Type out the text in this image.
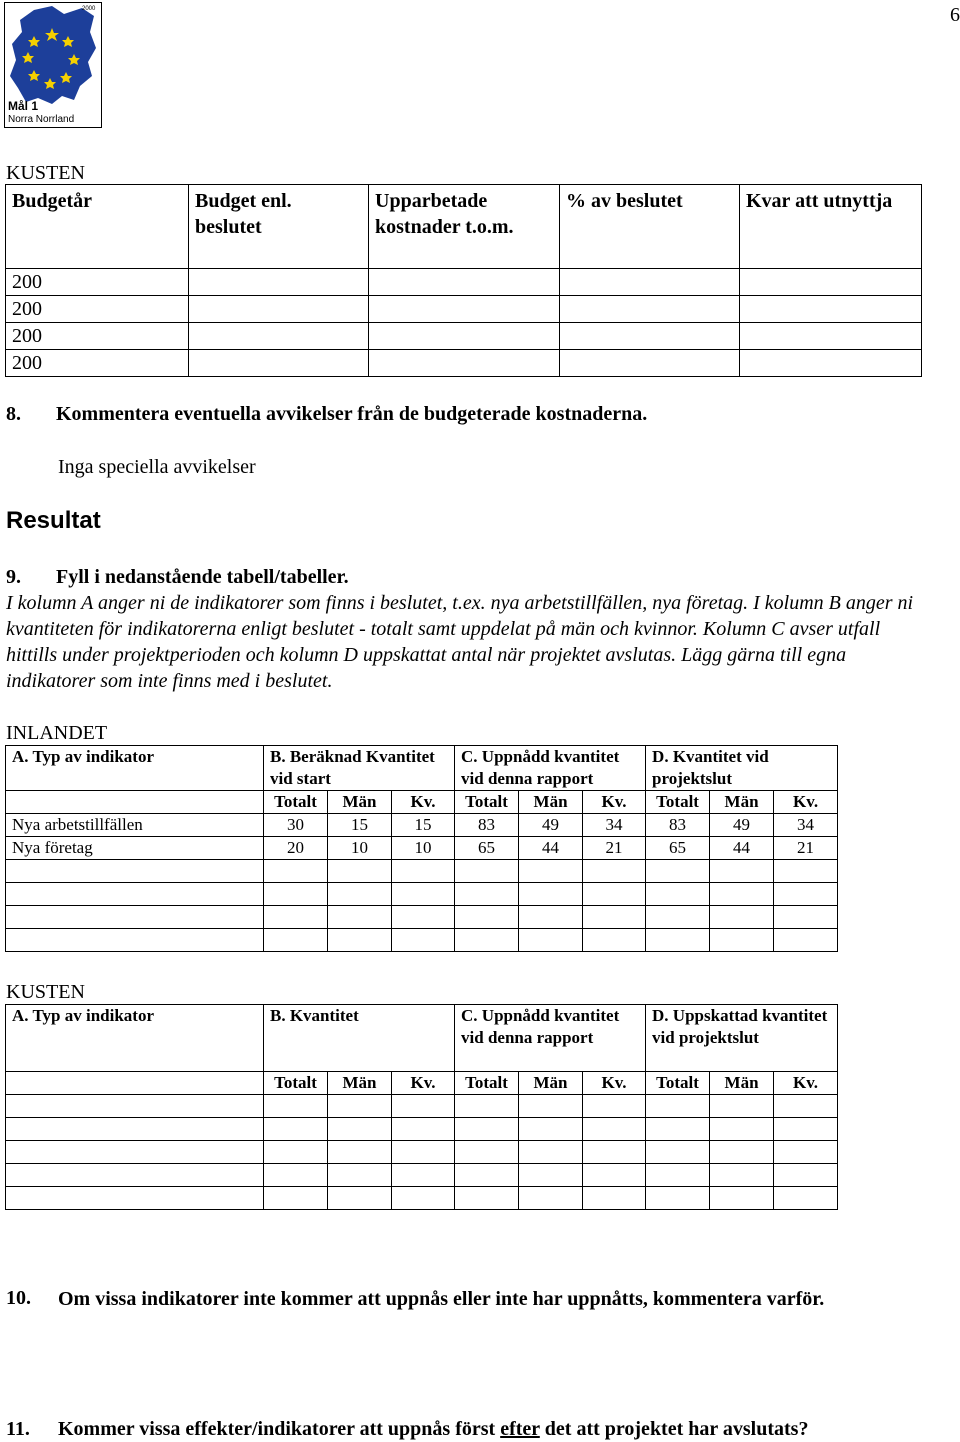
6
2000
Mål 1
Norra Norrland
KUSTEN
Budgetår	Budget enl. beslutet	Upparbetade kostnader t.o.m.	% av beslutet	Kvar att utnyttja
200				
200				
200				
200				
8. Kommentera eventuella avvikelser från de budgeterade kostnaderna.
Inga speciella avvikelser
Resultat
9. Fyll i nedanstående tabell/tabeller.
I kolumn A anger ni de indikatorer som finns i beslutet, t.ex. nya arbetstillfällen, nya företag. I kolumn B anger ni kvantiteten för indikatorerna enligt beslutet - totalt samt uppdelat på män och kvinnor. Kolumn C avser utfall hittills under projektperioden och kolumn D uppskattat antal när projektet avslutas. Lägg gärna till egna indikatorer som inte finns med i beslutet.
INLANDET
A. Typ av indikator	B. Beräknad Kvantitet vid start			C. Uppnådd kvantitet vid denna rapport			D. Kvantitet vid projektslut		
	Totalt	Män	Kv.	Totalt	Män	Kv.	Totalt	Män	Kv.
Nya arbetstillfällen	30	15	15	83	49	34	83	49	34
Nya företag	20	10	10	65	44	21	65	44	21

KUSTEN
A. Typ av indikator	B. Kvantitet			C. Uppnådd kvantitet vid denna rapport			D. Uppskattad kvantitet vid projektslut		
	Totalt	Män	Kv.	Totalt	Män	Kv.	Totalt	Män	Kv.

10.	Om vissa indikatorer inte kommer att uppnås eller inte har uppnåtts, kommentera varför.
11. Kommer vissa effekter/indikatorer att uppnås först efter det att projektet har avslutats?
